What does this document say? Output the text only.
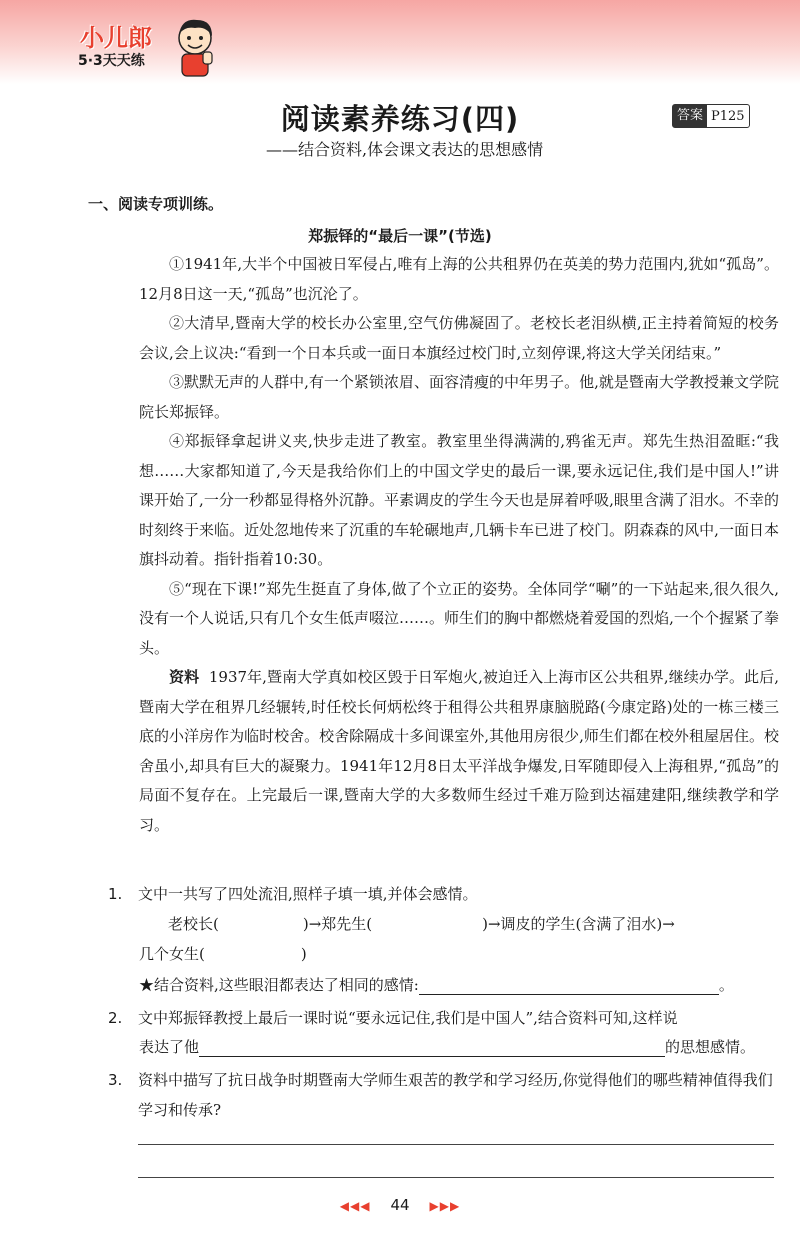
小儿郎
5·3天天练
阅读素养练习(四)
——结合资料,体会课文表达的思想感情
答案 P125
一、阅读专项训练。
郑振铎的“最后一课”(节选)

①1941年,大半个中国被日军侵占,唯有上海的公共租界仍在英美的势力范围内,犹如“孤岛”。12月8日这一天,“孤岛”也沉沦了。

②大清早,暨南大学的校长办公室里,空气仿佛凝固了。老校长老泪纵横,正主持着简短的校务会议,会上议决:“看到一个日本兵或一面日本旗经过校门时,立刻停课,将这大学关闭结束。”

③默默无声的人群中,有一个紧锁浓眉、面容清瘦的中年男子。他,就是暨南大学教授兼文学院院长郑振铎。

④郑振铎拿起讲义夹,快步走进了教室。教室里坐得满满的,鸦雀无声。郑先生热泪盈眶:“我想……大家都知道了,今天是我给你们上的中国文学史的最后一课,要永远记住,我们是中国人!”讲课开始了,一分一秒都显得格外沉静。平素调皮的学生今天也是屏着呼吸,眼里含满了泪水。不幸的时刻终于来临。近处忽地传来了沉重的车轮碾地声,几辆卡车已进了校门。阴森森的风中,一面日本旗抖动着。指针指着10:30。

⑤“现在下课!”郑先生挺直了身体,做了个立正的姿势。全体同学“唰”的一下站起来,很久很久,没有一个人说话,只有几个女生低声啜泣……。师生们的胸中都燃烧着爱国的烈焰,一个个握紧了拳头。

资料 1937年,暨南大学真如校区毁于日军炮火,被迫迁入上海市区公共租界,继续办学。此后,暨南大学在租界几经辗转,时任校长何炳松终于租得公共租界康脑脱路(今康定路)处的一栋三楼三底的小洋房作为临时校舍。校舍除隔成十多间课室外,其他用房很少,师生们都在校外租屋居住。校舍虽小,却具有巨大的凝聚力。1941年12月8日太平洋战争爆发,日军随即侵入上海租界,“孤岛”的局面不复存在。上完最后一课,暨南大学的大多数师生经过千难万险到达福建建阳,继续教学和学习。

1. 文中一共写了四处流泪,照样子填一填,并体会感情。
老校长(	)→郑先生(	)→调皮的学生(含满了泪水)→
几个女生(	)
★结合资料,这些眼泪都表达了相同的感情:	。
2. 文中郑振铎教授上最后一课时说“要永远记住,我们是中国人”,结合资料可知,这样说
表达了他	的思想感情。
3.	资料中描写了抗日战争时期暨南大学师生艰苦的教学和学习经历,你觉得他们的哪些精神值得我们学习和传承?
◀◀◀ 44 ▶▶▶
